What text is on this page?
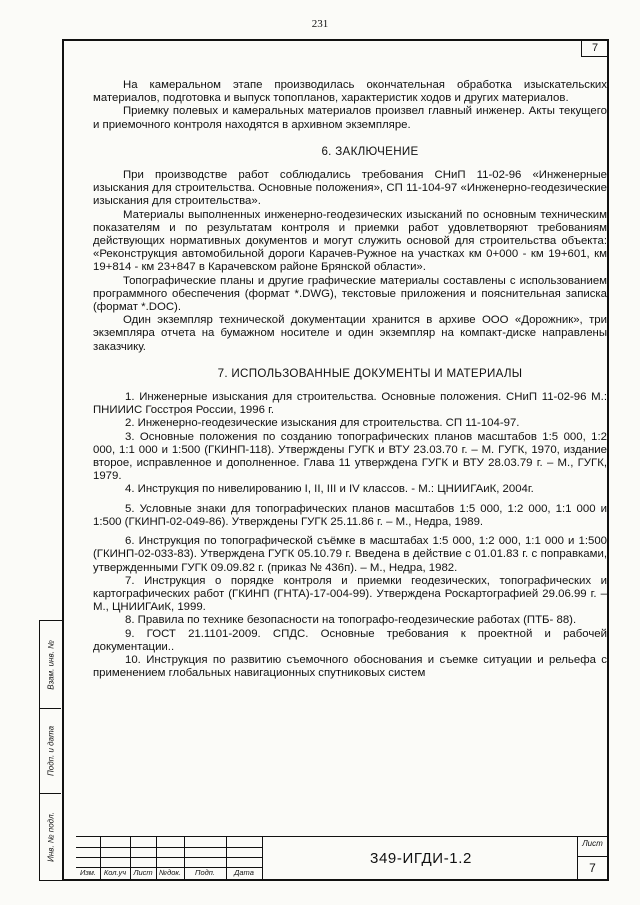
231
7

На камеральном этапе производилась окончательная обработка изыскательских материалов, подготовка и выпуск топопланов, характеристик ходов и других материалов.

Приемку полевых и камеральных материалов произвел главный инженер. Акты текущего и приемочного контроля находятся в архивном экземпляре.

6. ЗАКЛЮЧЕНИЕ

При производстве работ соблюдались требования СНиП 11-02-96 «Инженерные изыскания для строительства. Основные положения», СП 11-104-97 «Инженерно-геодезические изыскания для строительства».

Материалы выполненных инженерно-геодезических изысканий по основным техническим показателям и по результатам контроля и приемки работ удовлетворяют требованиям действующих нормативных документов и могут служить основой для строительства объекта: «Реконструкция автомобильной дороги Карачев-Ружное на участках км 0+000 - км 19+601, км 19+814 - км 23+847 в Карачевском районе Брянской области».

Топографические планы и другие графические материалы составлены с использованием программного обеспечения (формат *.DWG), текстовые приложения и пояснительная записка (формат *.DOC).

Один экземпляр технической документации хранится в архиве ООО «Дорожник», три экземпляра отчета на бумажном носителе и один экземпляр на компакт-диске направлены заказчику.

7. ИСПОЛЬЗОВАННЫЕ ДОКУМЕНТЫ И МАТЕРИАЛЫ

1. Инженерные изыскания для строительства. Основные положения. СНиП 11-02-96 М.: ПНИИИС Госстроя России, 1996 г.

2. Инженерно-геодезические изыскания для строительства. СП 11-104-97.

3. Основные положения по созданию топографических планов масштабов 1:5 000, 1:2 000, 1:1 000 и 1:500 (ГКИНП-118). Утверждены ГУГК и ВТУ 23.03.70 г. – М. ГУГК, 1970, издание второе, исправленное и дополненное. Глава 11 утверждена ГУГК и ВТУ 28.03.79 г. – М., ГУГК, 1979.

4. Инструкция по нивелированию I, II, III и IV классов. - М.: ЦНИИГАиК, 2004г.

5. Условные знаки для топографических планов масштабов 1:5 000, 1:2 000, 1:1 000 и 1:500 (ГКИНП-02-049-86). Утверждены ГУГК 25.11.86 г. – М., Недра, 1989.

6. Инструкция по топографической съёмке в масштабах 1:5 000, 1:2 000, 1:1 000 и 1:500 (ГКИНП-02-033-83). Утверждена ГУГК 05.10.79 г. Введена в действие с 01.01.83 г. с поправками, утвержденными ГУГК 09.09.82 г. (приказ № 436п). – М., Недра, 1982.

7. Инструкция о порядке контроля и приемки геодезических, топографических и картографических работ (ГКИНП (ГНТА)-17-004-99). Утверждена Роскартографией 29.06.99 г. – М., ЦНИИГАиК, 1999.

8. Правила по технике безопасности на топографо-геодезические работах (ПТБ- 88).

9. ГОСТ 21.1101-2009. СПДС. Основные требования к проектной и рабочей документации..

10. Инструкция по развитию съемочного обоснования и съемке ситуации и рельефа с применением глобальных навигационных спутниковых систем

Взам. инв. №
Подп. и дата
Инв. № подл.
Изм.	Кол.уч Лист №док.	Подп.	Дата
349-ИГДИ-1.2
Лист
7
